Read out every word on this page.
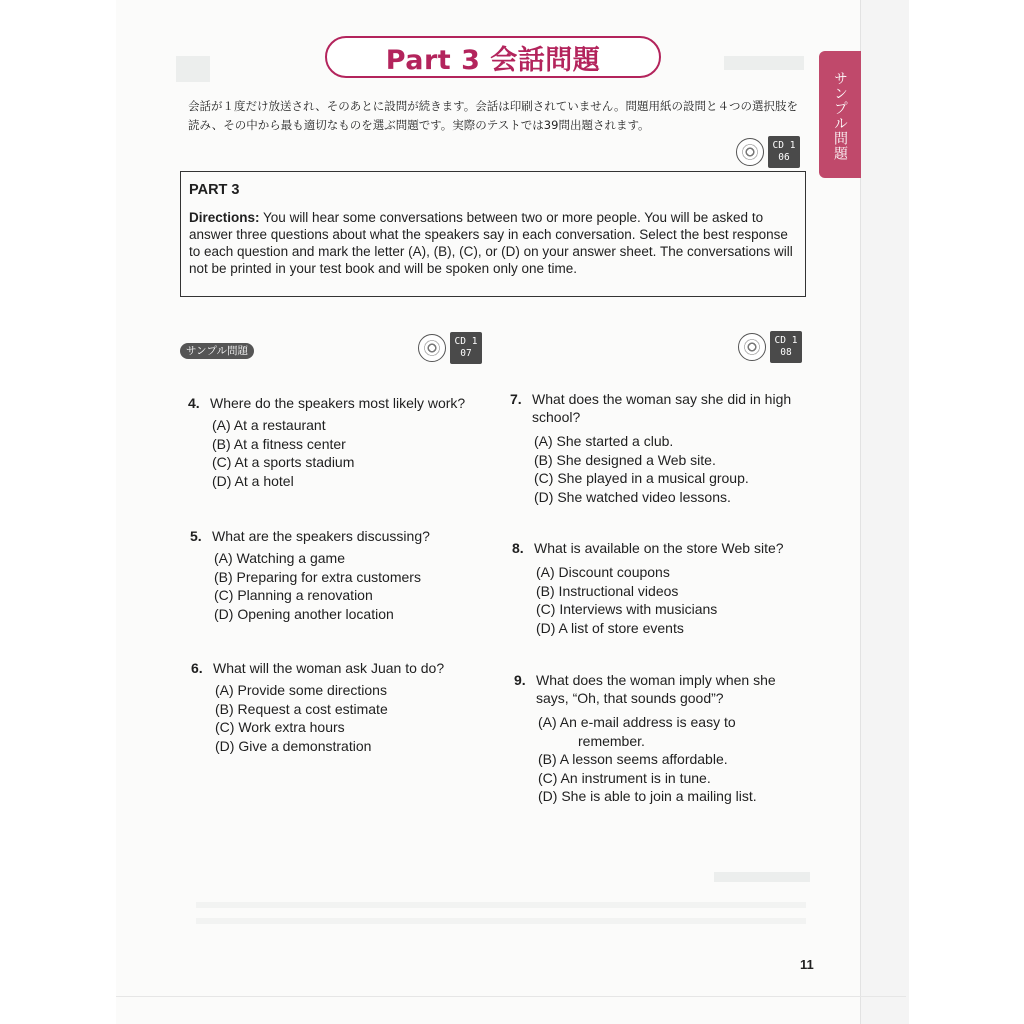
Part 3 会話問題
サンプル問題
会話が１度だけ放送され、そのあとに設問が続きます。会話は印刷されていません。問題用紙の設問と４つの選択肢を読み、その中から最も適切なものを選ぶ問題です。実際のテストでは39問出題されます。
CD 1
06
PART 3
Directions: You will hear some conversations between two or more people. You will be asked to answer three questions about what the speakers say in each conversation. Select the best response to each question and mark the letter (A), (B), (C), or (D) on your answer sheet. The conversations will not be printed in your test book and will be spoken only one time.
サンプル問題
CD 1
07
CD 1
08
4. Where do the speakers most likely work?
(A) At a restaurant
(B) At a fitness center
(C) At a sports stadium
(D) At a hotel
5. What are the speakers discussing?
(A) Watching a game
(B) Preparing for extra customers
(C) Planning a renovation
(D) Opening another location
6. What will the woman ask Juan to do?
(A) Provide some directions
(B) Request a cost estimate
(C) Work extra hours
(D) Give a demonstration
7. What does the woman say she did in high school?
(A) She started a club.
(B) She designed a Web site.
(C) She played in a musical group.
(D) She watched video lessons.
8. What is available on the store Web site?
(A) Discount coupons
(B) Instructional videos
(C) Interviews with musicians
(D) A list of store events
9. What does the woman imply when she says, “Oh, that sounds good”?
(A) An e-mail address is easy to remember.
(B) A lesson seems affordable.
(C) An instrument is in tune.
(D) She is able to join a mailing list.
11
